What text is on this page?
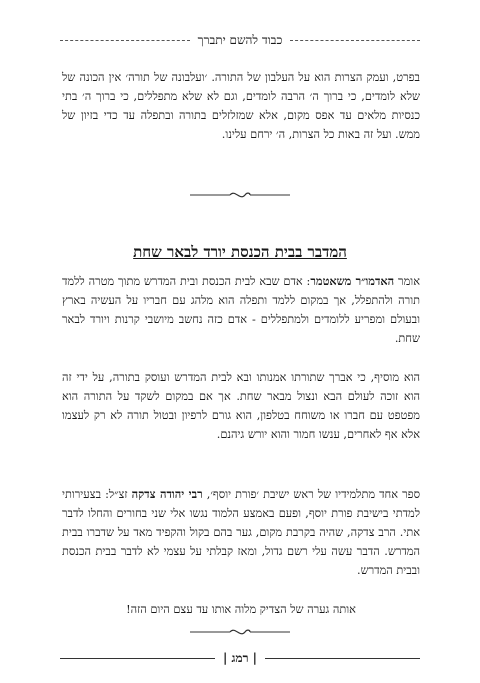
כבוד להשם יתברך

בפרט, ועמק הצרות הוא על העלבון של התורה. ׳ועלבונה של תורה׳ אין הכונה של שלא לומדים, כי ברוך ה׳ הרבה לומדים, וגם לא שלא מתפללים, כי ברוך ה׳ בתי כנסיות מלאים עד אפס מקום, אלא שמזלזלים בתורה ובתפלה עד כדי בזיון של ממש. ועל זה באות כל הצרות, ה׳ ירחם עלינו.

המדבר בבית הכנסת יורד לבאר שחת

אומר האדמו״ר משאטמר: אדם שבא לבית הכנסת ובית המדרש מתוך מטרה ללמד תורה ולהתפלל, אך במקום ללמד ותפלה הוא מלהג עם חבריו על העשיה בארץ ובעולם ומפריע ללומדים ולמתפללים - אדם כזה נחשב מיושבי קרנות ויורד לבאר שחת.

הוא מוסיף, כי אברך שתורתו אמנותו ובא לבית המדרש ועוסק בתורה, על ידי זה הוא זוכה לעולם הבא ונצול מבאר שחת. אך אם במקום לשקד על התורה הוא מפטפט עם חברו או משוחח בטלפון, הוא גורם לרפיון ובטול תורה לא רק לעצמו אלא אף לאחרים, ענשו חמור והוא יורש גיהנם.

ספר אחד מתלמידיו של ראש ישיבת ׳פורת יוסף׳, רבי יהודה צדקה זצ״ל: בצעירותי למדתי בישיבת פורת יוסף, ופעם באמצע הלמוד נגשו אלי שני בחורים והחלו לדבר אתי. הרב צדקה, שהיה בקרבת מקום, גער בהם בקול והקפיד מאד על שדברו בבית המדרש. הדבר עשה עלי רשם גדול, ומאז קבלתי על עצמי לא לדבר בבית הכנסת ובבית המדרש.

אותה גערה של הצדיק מלוה אותו עד עצם היום הזה!

| רמג |
